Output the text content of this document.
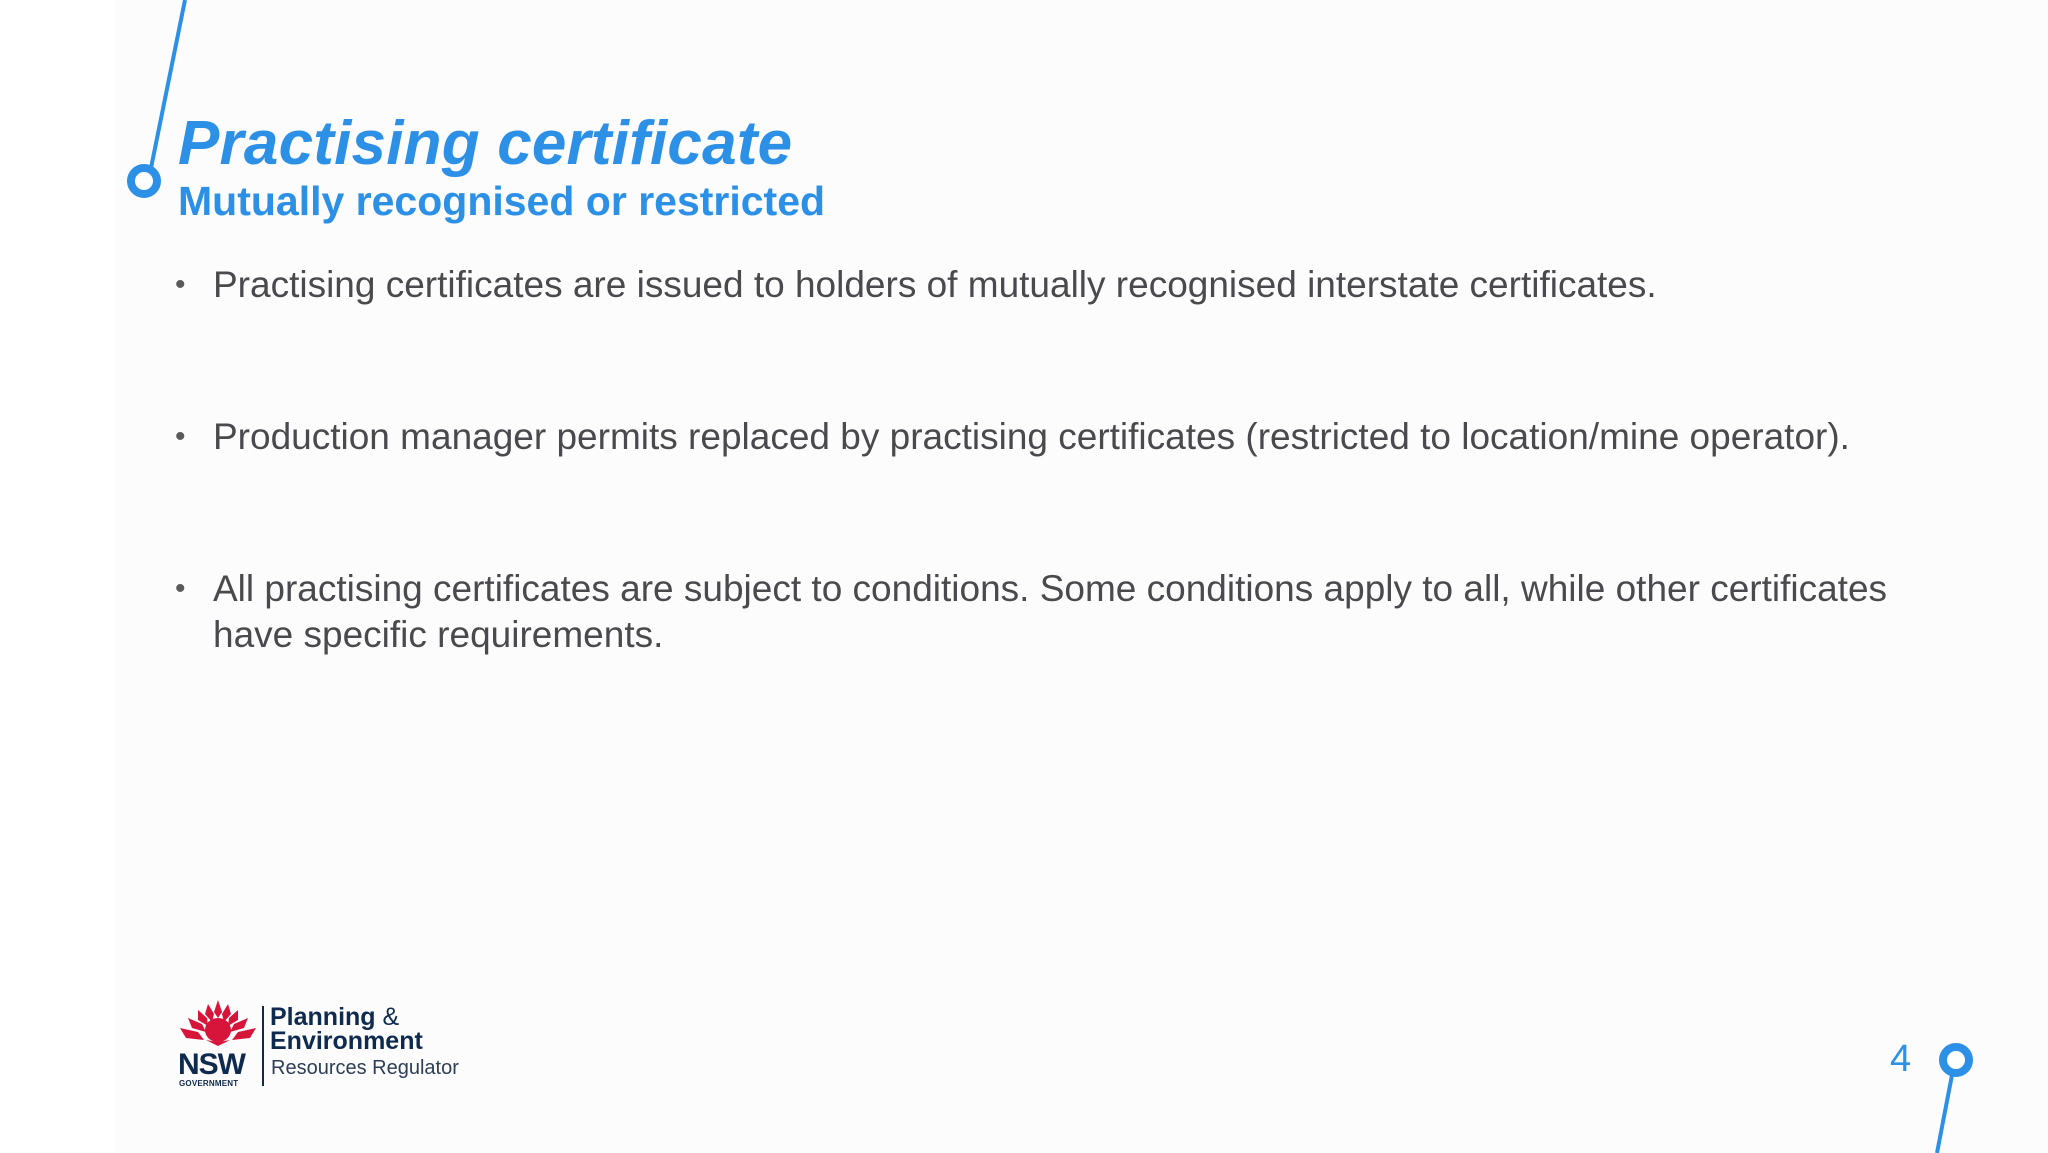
Practising certificate
Mutually recognised or restricted
• Practising certificates are issued to holders of mutually recognised interstate certificates.
• Production manager permits replaced by practising certificates (restricted to location/mine operator).
• All practising certificates are subject to conditions. Some conditions apply to all, while other certificates have specific requirements.
NSW
GOVERNMENT
Planning &
Environment
Resources Regulator	4
